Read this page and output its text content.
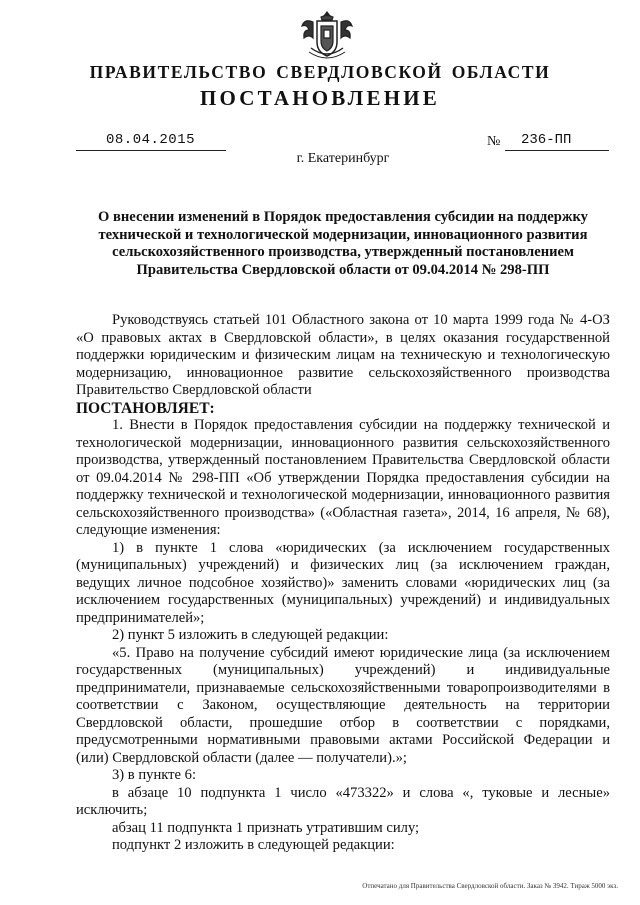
ПРАВИТЕЛЬСТВО СВЕРДЛОВСКОЙ ОБЛАСТИ
ПОСТАНОВЛЕНИЕ
08.04.2015	№ 236-ПП
г. Екатеринбург
О внесении изменений в Порядок предоставления субсидии на поддержку технической и технологической модернизации, инновационного развития сельскохозяйственного производства, утвержденный постановлением Правительства Свердловской области от 09.04.2014 № 298-ПП

Руководствуясь статьей 101 Областного закона от 10 марта 1999 года № 4-ОЗ «О правовых актах в Свердловской области», в целях оказания государственной поддержки юридическим и физическим лицам на техническую и технологическую модернизацию, инновационное развитие сельскохозяйственного производства Правительство Свердловской области

ПОСТАНОВЛЯЕТ:

1. Внести в Порядок предоставления субсидии на поддержку технической и технологической модернизации, инновационного развития сельскохозяйственного производства, утвержденный постановлением Правительства Свердловской области от 09.04.2014 № 298-ПП «Об утверждении Порядка предоставления субсидии на поддержку технической и технологической модернизации, инновационного развития сельскохозяйственного производства» («Областная газета», 2014, 16 апреля, № 68), следующие изменения:

1) в пункте 1 слова «юридических (за исключением государственных (муниципальных) учреждений) и физических лиц (за исключением граждан, ведущих личное подсобное хозяйство)» заменить словами «юридических лиц (за исключением государственных (муниципальных) учреждений) и индивидуальных предпринимателей»;

2) пункт 5 изложить в следующей редакции:

«5. Право на получение субсидий имеют юридические лица (за исключением государственных (муниципальных) учреждений) и индивидуальные предприниматели, признаваемые сельскохозяйственными товаропроизводителями в соответствии с Законом, осуществляющие деятельность на территории Свердловской области, прошедшие отбор в соответствии с порядками, предусмотренными нормативными правовыми актами Российской Федерации и (или) Свердловской области (далее — получатели).»;

3) в пункте 6:

в абзаце 10 подпункта 1 число «473322» и слова «, туковые и лесные» исключить;

абзац 11 подпункта 1 признать утратившим силу;

подпункт 2 изложить в следующей редакции:

Отпечатано для Правительства Свердловской области. Заказ № 3942. Тираж 5000 экз.
